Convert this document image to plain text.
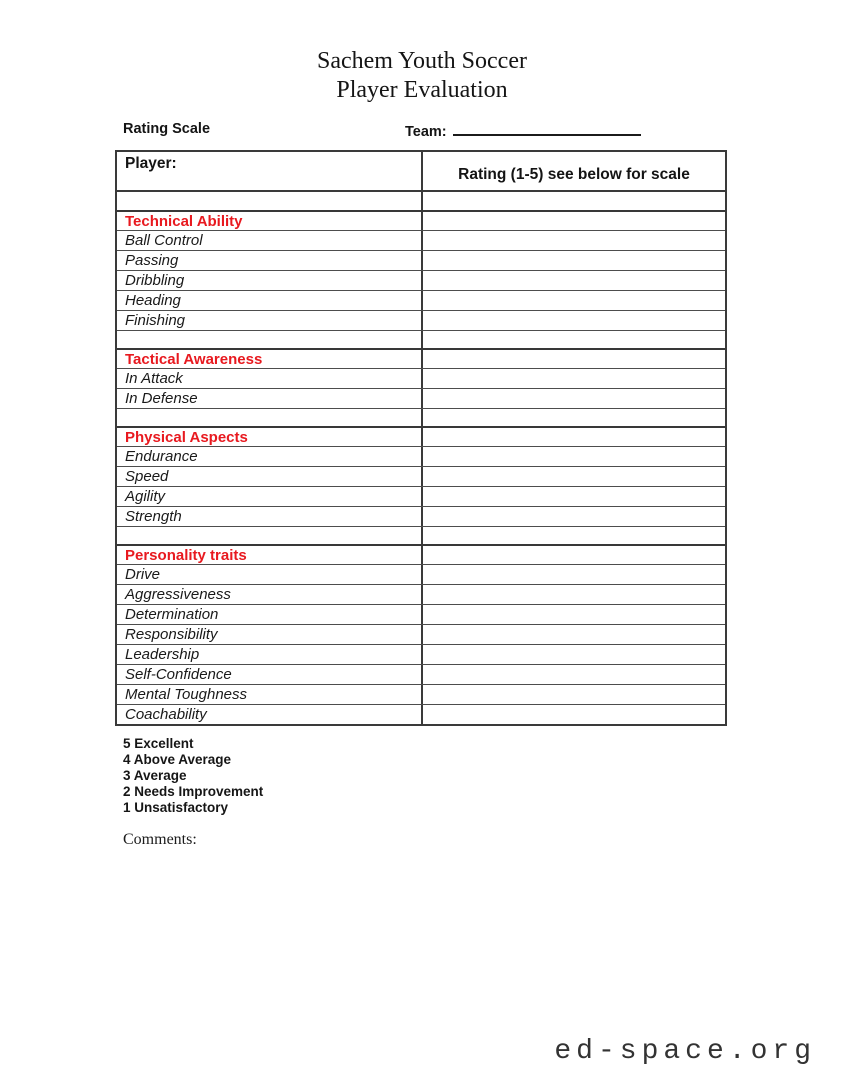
Sachem Youth Soccer
Player Evaluation
Rating Scale	Team:
Player:
Rating (1-5) see below for scale
Technical Ability
Ball Control
Passing
Dribbling
Heading
Finishing
Tactical Awareness
In Attack
In Defense
Physical Aspects
Endurance
Speed
Agility
Strength
Personality traits
Drive
Aggressiveness
Determination
Responsibility
Leadership
Self-Confidence
Mental Toughness
Coachability
5 Excellent
4 Above Average
3 Average
2 Needs Improvement
1 Unsatisfactory
Comments:
ed-space.org
